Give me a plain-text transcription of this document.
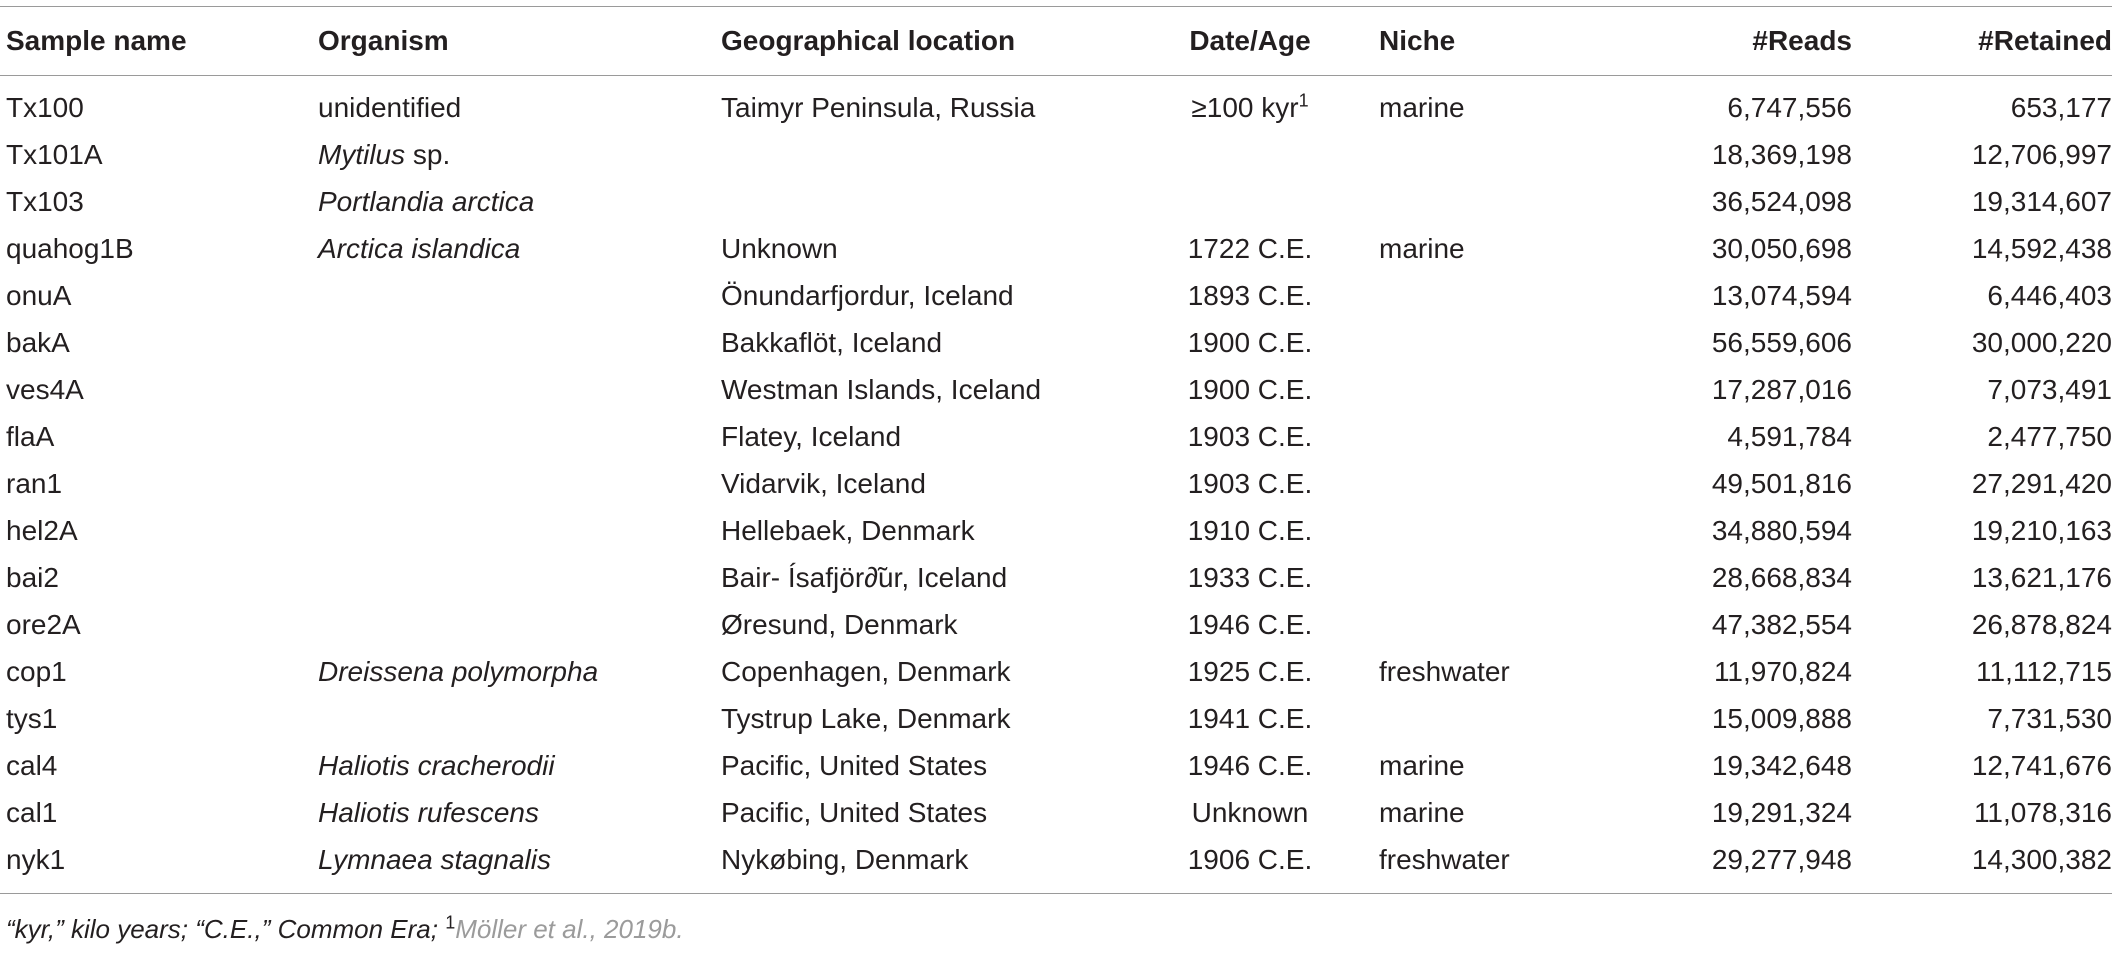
Sample name	Organism	Geographical location	Date/Age	Niche	#Reads	#Retained
Tx100	unidentified	Taimyr Peninsula, Russia	≥100 kyr$^1$	marine	6,747,556	653,177
Tx101A	Mytilus sp.				18,369,198	12,706,997
Tx103	Portlandia arctica				36,524,098	19,314,607
quahog1B	Arctica islandica	Unknown	1722 C.E.	marine	30,050,698	14,592,438
onuA		Önundarfjordur, Iceland	1893 C.E.		13,074,594	6,446,403
bakA		Bakkaflöt, Iceland	1900 C.E.		56,559,606	30,000,220
ves4A		Westman Islands, Iceland	1900 C.E.		17,287,016	7,073,491
flaA		Flatey, Iceland	1903 C.E.		4,591,784	2,477,750
ran1		Vidarvik, Iceland	1903 C.E.		49,501,816	27,291,420
hel2A		Hellebaek, Denmark	1910 C.E.		34,880,594	19,210,163
bai2		Bair- Ísafjör∂̃ur, Iceland	1933 C.E.		28,668,834	13,621,176
ore2A		Øresund, Denmark	1946 C.E.		47,382,554	26,878,824
cop1	Dreissena polymorpha	Copenhagen, Denmark	1925 C.E.	freshwater	11,970,824	11,112,715
tys1		Tystrup Lake, Denmark	1941 C.E.		15,009,888	7,731,530
cal4	Haliotis cracherodii	Pacific, United States	1946 C.E.	marine	19,342,648	12,741,676
cal1	Haliotis rufescens	Pacific, United States	Unknown	marine	19,291,324	11,078,316
nyk1	Lymnaea stagnalis	Nykøbing, Denmark	1906 C.E.	freshwater	29,277,948	14,300,382
“kyr,” kilo years; “C.E.,” Common Era; $^1$Möller et al., 2019b.
